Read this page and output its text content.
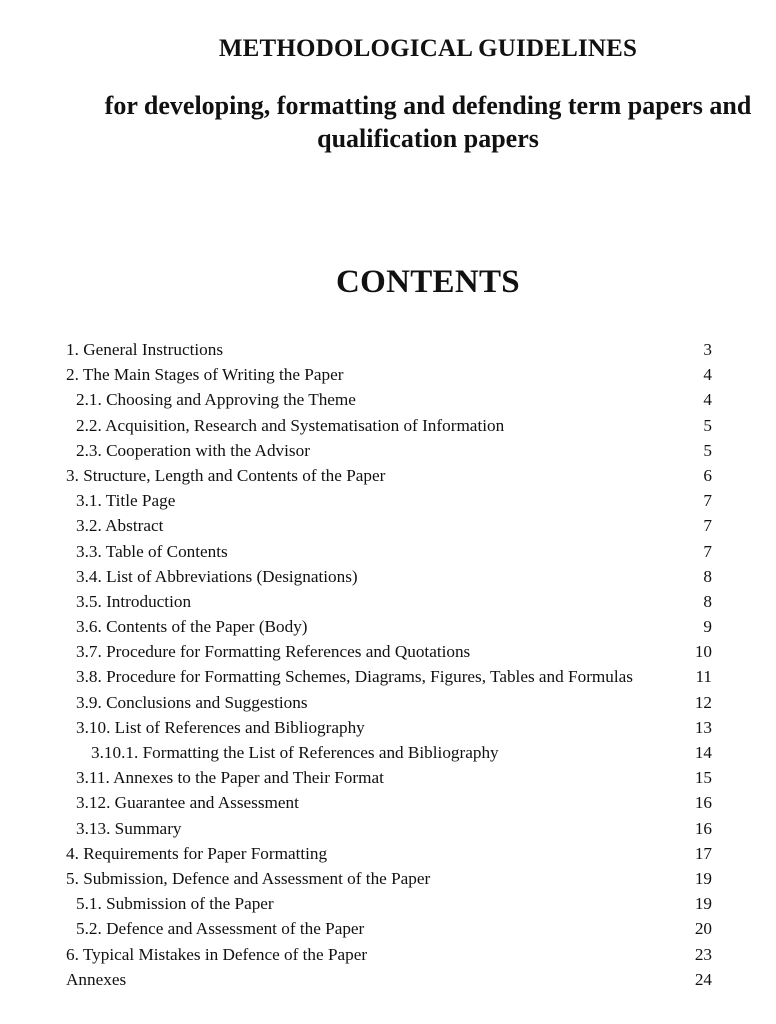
METHODOLOGICAL GUIDELINES
for developing, formatting and defending term papers and
qualification papers
CONTENTS
1. General Instructions	3
2. The Main Stages of Writing the Paper	4
2.1. Choosing and Approving the Theme	4
2.2. Acquisition, Research and Systematisation of Information	5
2.3. Cooperation with the Advisor	5
3. Structure, Length and Contents of the Paper	6
3.1. Title Page	7
3.2. Abstract	7
3.3. Table of Contents	7
3.4. List of Abbreviations (Designations)	8
3.5. Introduction	8
3.6. Contents of the Paper (Body)	9
3.7. Procedure for Formatting References and Quotations	10
3.8. Procedure for Formatting Schemes, Diagrams, Figures, Tables and Formulas	11
3.9. Conclusions and Suggestions	12
3.10. List of References and Bibliography	13
3.10.1. Formatting the List of References and Bibliography	14
3.11. Annexes to the Paper and Their Format	15
3.12. Guarantee and Assessment	16
3.13. Summary	16
4. Requirements for Paper Formatting	17
5. Submission, Defence and Assessment of the Paper	19
5.1. Submission of the Paper	19
5.2. Defence and Assessment of the Paper	20
6. Typical Mistakes in Defence of the Paper	23
Annexes	24
